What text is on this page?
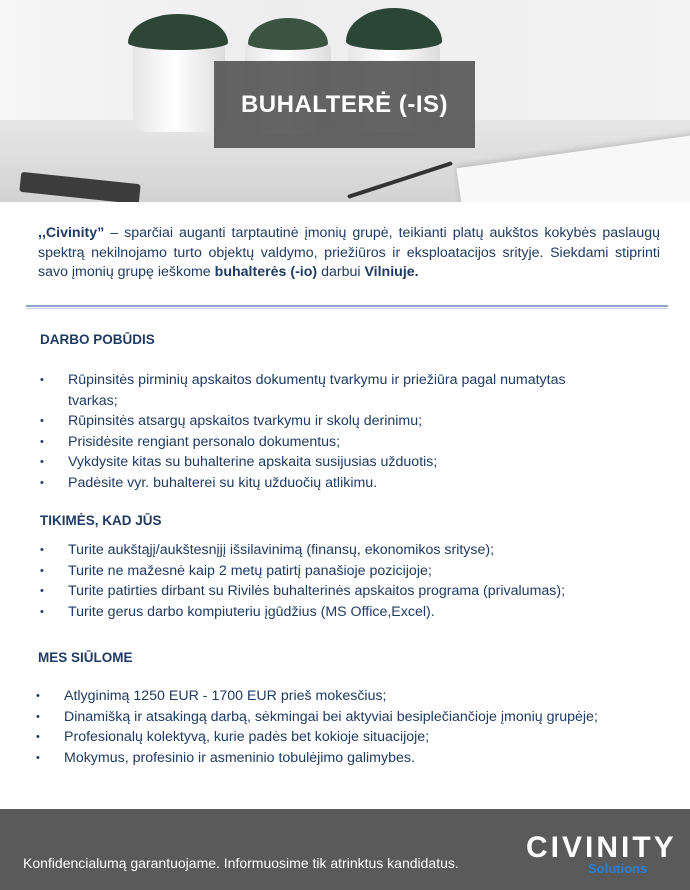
BUHALTERĖ (-IS)
,,Civinity” – sparčiai auganti tarptautinė įmonių grupė, teikianti platų aukštos kokybės paslaugų spektrą nekilnojamo turto objektų valdymo, priežiūros ir eksploatacijos srityje. Siekdami stiprinti savo įmonių grupę ieškome buhalterės (-io) darbui Vilniuje.
DARBO POBŪDIS
• Rūpinsitės pirminių apskaitos dokumentų tvarkymu ir priežiūra pagal numatytas tvarkas;
• Rūpinsitės atsargų apskaitos tvarkymu ir skolų derinimu;
• Prisidėsite rengiant personalo dokumentus;
• Vykdysite kitas su buhalterine apskaita susijusias užduotis;
• Padėsite vyr. buhalterei su kitų užduočių atlikimu.
TIKIMĖS, KAD JŪS
• Turite aukštąjį/aukštesnįjį išsilavinimą (finansų, ekonomikos srityse);
• Turite ne mažesnė kaip 2 metų patirtį panašioje pozicijoje;
• Turite patirties dirbant su Rivilės buhalterinės apskaitos programa (privalumas);
• Turite gerus darbo kompiuteriu įgūdžius (MS Office,Excel).
MES SIŪLOME
• Atlyginimą 1250 EUR - 1700 EUR prieš mokesčius;
• Dinamišką ir atsakingą darbą, sėkmingai bei aktyviai besiplečiančioje įmonių grupėje;
• Profesionalų kolektyvą, kurie padės bet kokioje situacijoje;
• Mokymus, profesinio ir asmeninio tobulėjimo galimybes.
Konfidencialumą garantuojame. Informuosime tik atrinktus kandidatus. CIVINITY
Solutions
